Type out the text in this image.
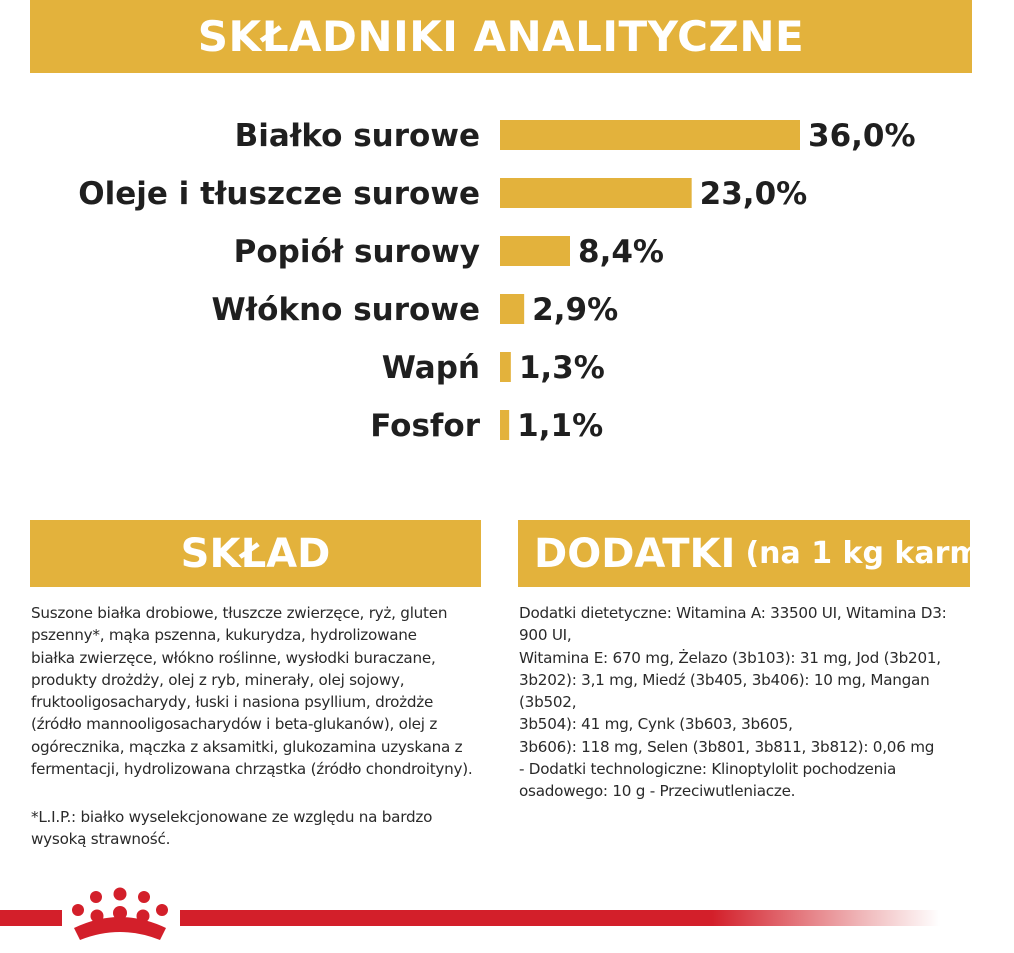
SKŁADNIKI ANALITYCZNE
Białko surowe	36,0%
Oleje i tłuszcze surowe	23,0%
Popiół surowy	8,4%
Włókno surowe 2,9%
Wapń 1,3%
Fosfor 1,1%
SKŁAD	DODATKI (na 1 kg karmy)
Suszone białka drobiowe, tłuszcze zwierzęce, ryż, gluten
pszenny*, mąka pszenna, kukurydza, hydrolizowane
białka zwierzęce, włókno roślinne, wysłodki buraczane,
produkty drożdży, olej z ryb, minerały, olej sojowy,
fruktooligosacharydy, łuski i nasiona psyllium, drożdże
(źródło mannooligosacharydów i beta-glukanów), olej z
ogórecznika, mączka z aksamitki, glukozamina uzyskana z
fermentacji, hydrolizowana chrząstka (źródło chondroityny).
*L.I.P.: białko wyselekcjonowane ze względu na bardzo
wysoką strawność.
Dodatki dietetyczne: Witamina A: 33500 UI, Witamina D3: 900 UI,
Witamina E: 670 mg, Żelazo (3b103): 31 mg, Jod (3b201,
3b202): 3,1 mg, Miedź (3b405, 3b406): 10 mg, Mangan (3b502,
3b504): 41 mg, Cynk (3b603, 3b605,
3b606): 118 mg, Selen (3b801, 3b811, 3b812): 0,06 mg
- Dodatki technologiczne: Klinoptylolit pochodzenia
osadowego: 10 g - Przeciwutleniacze.
